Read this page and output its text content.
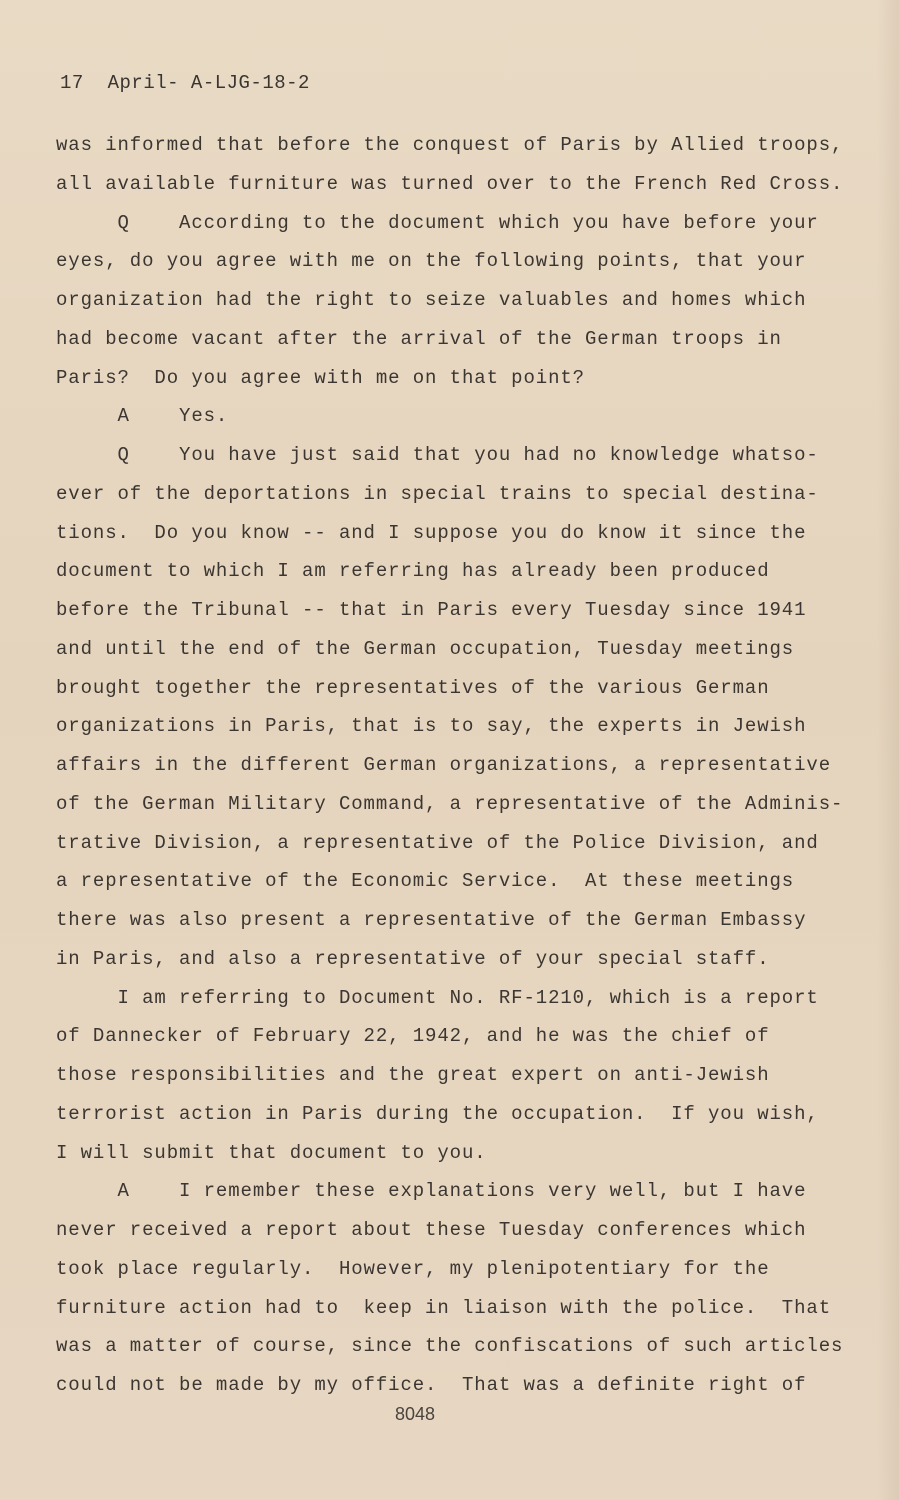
17  April- A-LJG-18-2
was informed that before the conquest of Paris by Allied troops,
all available furniture was turned over to the French Red Cross.
Q    According to the document which you have before your
eyes, do you agree with me on the following points, that your
organization had the right to seize valuables and homes which
had become vacant after the arrival of the German troops in
Paris?  Do you agree with me on that point?
A    Yes.
Q    You have just said that you had no knowledge whatso-
ever of the deportations in special trains to special destina-
tions.  Do you know -- and I suppose you do know it since the
document to which I am referring has already been produced
before the Tribunal -- that in Paris every Tuesday since 1941
and until the end of the German occupation, Tuesday meetings
brought together the representatives of the various German
organizations in Paris, that is to say, the experts in Jewish
affairs in the different German organizations, a representative
of the German Military Command, a representative of the Adminis-
trative Division, a representative of the Police Division, and
a representative of the Economic Service.  At these meetings
there was also present a representative of the German Embassy
in Paris, and also a representative of your special staff.
I am referring to Document No. RF-1210, which is a report
of Dannecker of February 22, 1942, and he was the chief of
those responsibilities and the great expert on anti-Jewish
terrorist action in Paris during the occupation.  If you wish,
I will submit that document to you.
A    I remember these explanations very well, but I have
never received a report about these Tuesday conferences which
took place regularly.  However, my plenipotentiary for the
furniture action had to  keep in liaison with the police.  That
was a matter of course, since the confiscations of such articles
could not be made by my office.  That was a definite right of
8048
